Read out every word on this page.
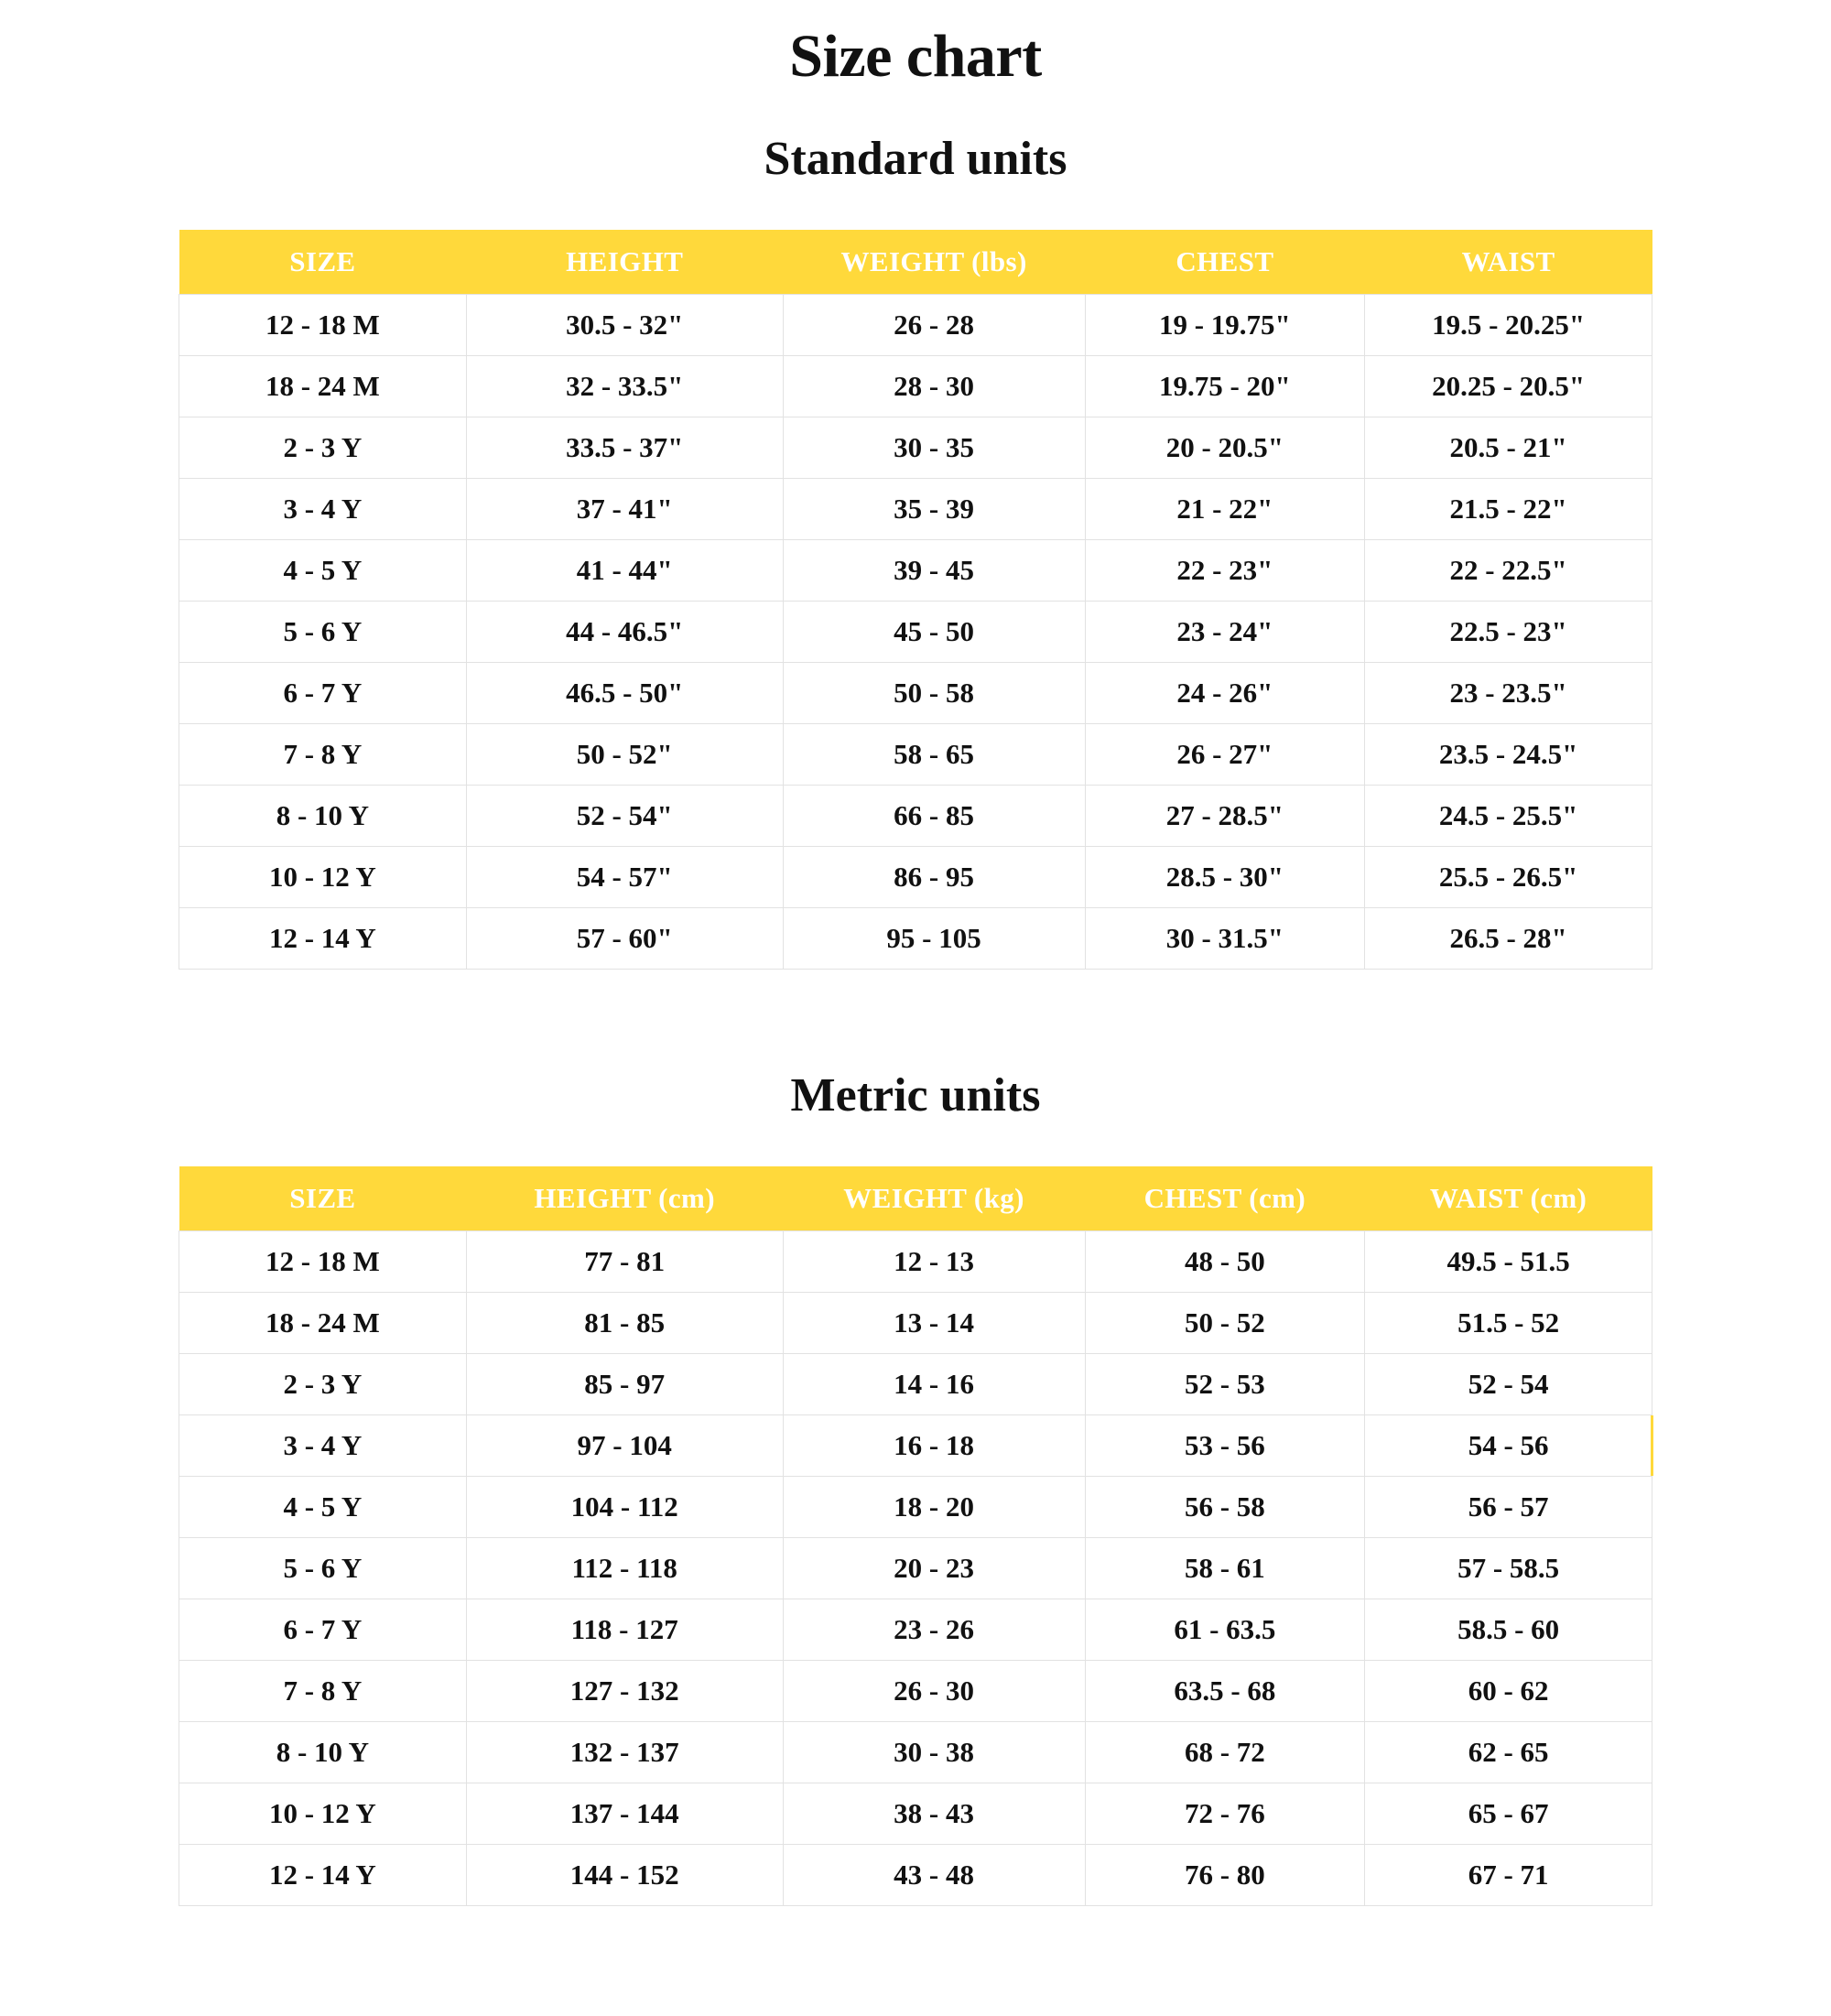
Size chart
Standard units
SIZE	HEIGHT	WEIGHT (lbs)	CHEST	WAIST
12 - 18 M	30.5 - 32"	26 - 28	19 - 19.75"	19.5 - 20.25"
18 - 24 M	32 - 33.5"	28 - 30	19.75 - 20"	20.25 - 20.5"
2 - 3 Y	33.5 - 37"	30 - 35	20 - 20.5"	20.5 - 21"
3 - 4 Y	37 - 41"	35 - 39	21 - 22"	21.5 - 22"
4 - 5 Y	41 - 44"	39 - 45	22 - 23"	22 - 22.5"
5 - 6 Y	44 - 46.5"	45 - 50	23 - 24"	22.5 - 23"
6 - 7 Y	46.5 - 50"	50 - 58	24 - 26"	23 - 23.5"
7 - 8 Y	50 - 52"	58 - 65	26 - 27"	23.5 - 24.5"
8 - 10 Y	52 - 54"	66 - 85	27 - 28.5"	24.5 - 25.5"
10 - 12 Y	54 - 57"	86 - 95	28.5 - 30"	25.5 - 26.5"
12 - 14 Y	57 - 60"	95 - 105	30 - 31.5"	26.5 - 28"
Metric units
SIZE	HEIGHT (cm)	WEIGHT (kg)	CHEST (cm)	WAIST (cm)
12 - 18 M	77 - 81	12 - 13	48 - 50	49.5 - 51.5
18 - 24 M	81 - 85	13 - 14	50 - 52	51.5 - 52
2 - 3 Y	85 - 97	14 - 16	52 - 53	52 - 54
3 - 4 Y	97 - 104	16 - 18	53 - 56	54 - 56
4 - 5 Y	104 - 112	18 - 20	56 - 58	56 - 57
5 - 6 Y	112 - 118	20 - 23	58 - 61	57 - 58.5
6 - 7 Y	118 - 127	23 - 26	61 - 63.5	58.5 - 60
7 - 8 Y	127 - 132	26 - 30	63.5 - 68	60 - 62
8 - 10 Y	132 - 137	30 - 38	68 - 72	62 - 65
10 - 12 Y	137 - 144	38 - 43	72 - 76	65 - 67
12 - 14 Y	144 - 152	43 - 48	76 - 80	67 - 71
